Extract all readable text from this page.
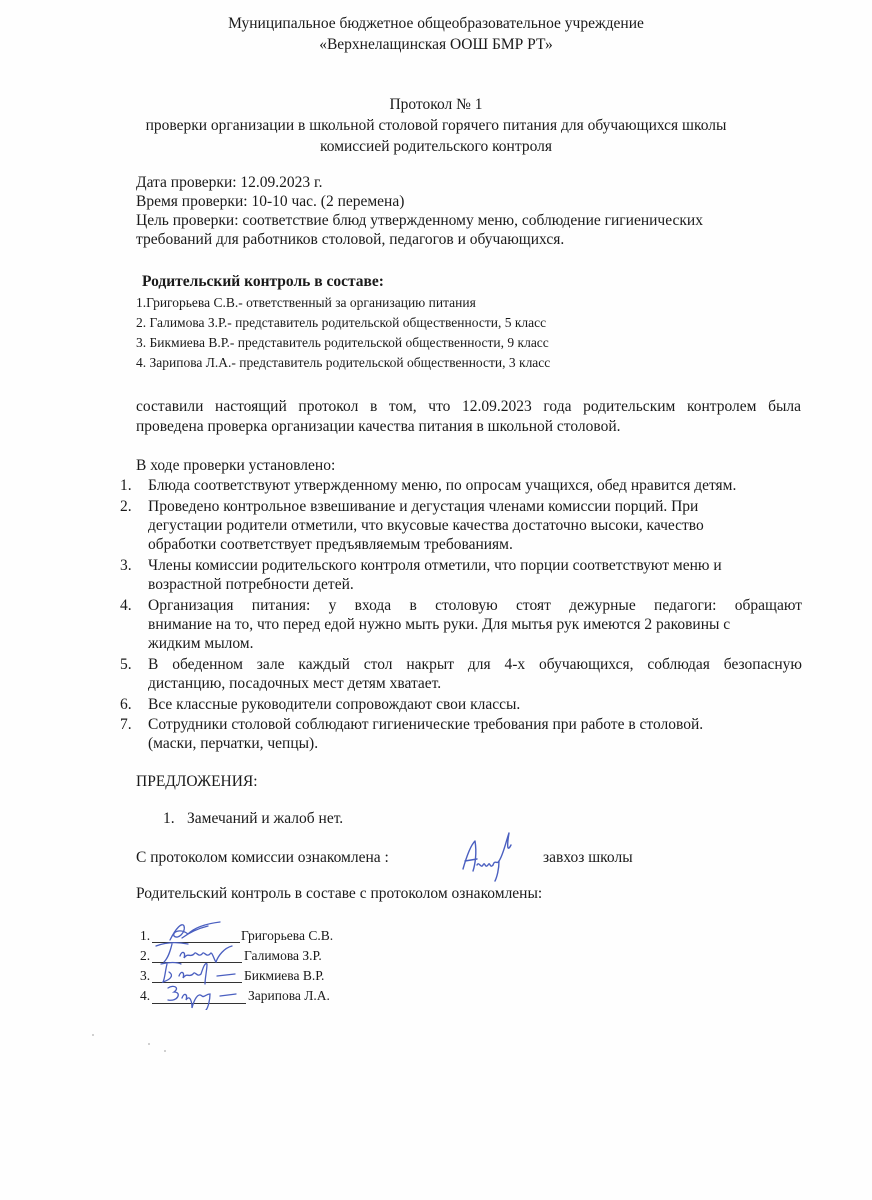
Муниципальное бюджетное общеобразовательное учреждение
«Верхнелащинская ООШ БМР РТ»
Протокол № 1
проверки организации в школьной столовой горячего питания для обучающихся школы
комиссией родительского контроля
Дата проверки: 12.09.2023 г.
Время проверки: 10-10 час. (2 перемена)
Цель проверки: соответствие блюд утвержденному меню, соблюдение гигиенических
требований для работников столовой, педагогов и обучающихся.
Родительский контроль в составе:
1.Григорьева С.В.- ответственный за организацию питания
2. Галимова З.Р.- представитель родительской общественности, 5 класс
3. Бикмиева В.Р.- представитель родительской общественности, 9 класс
4. Зарипова Л.А.- представитель родительской общественности, 3 класс
составили настоящий протокол в том, что 12.09.2023 года родительским контролем была
проведена проверка организации качества питания в школьной столовой.
В ходе проверки установлено:
1. Блюда соответствуют утвержденному меню, по опросам учащихся, обед нравится детям.
2. Проведено контрольное взвешивание и дегустация членами комиссии порций. При
дегустации родители отметили, что вкусовые качества достаточно высоки, качество
обработки соответствует предъявляемым требованиям.
3. Члены комиссии родительского контроля отметили, что порции соответствуют меню и
возрастной потребности детей.
4. Организация питания: у входа в столовую стоят дежурные педагоги: обращают
внимание на то, что перед едой нужно мыть руки. Для мытья рук имеются 2 раковины с
жидким мылом.
5. В обеденном зале каждый стол накрыт для 4-х обучающихся, соблюдая безопасную
дистанцию, посадочных мест детям хватает.
6. Все классные руководители сопровождают свои классы.
7. Сотрудники столовой соблюдают гигиенические требования при работе в столовой.
(маски, перчатки, чепцы).
ПРЕДЛОЖЕНИЯ:
1. Замечаний и жалоб нет.
С протоколом комиссии ознакомлена :	завхоз школы
Родительский контроль в составе с протоколом ознакомлены:
1.	Григорьева С.В.
2.	Галимова З.Р.
3.	Бикмиева В.Р.
4.	Зарипова Л.А.
